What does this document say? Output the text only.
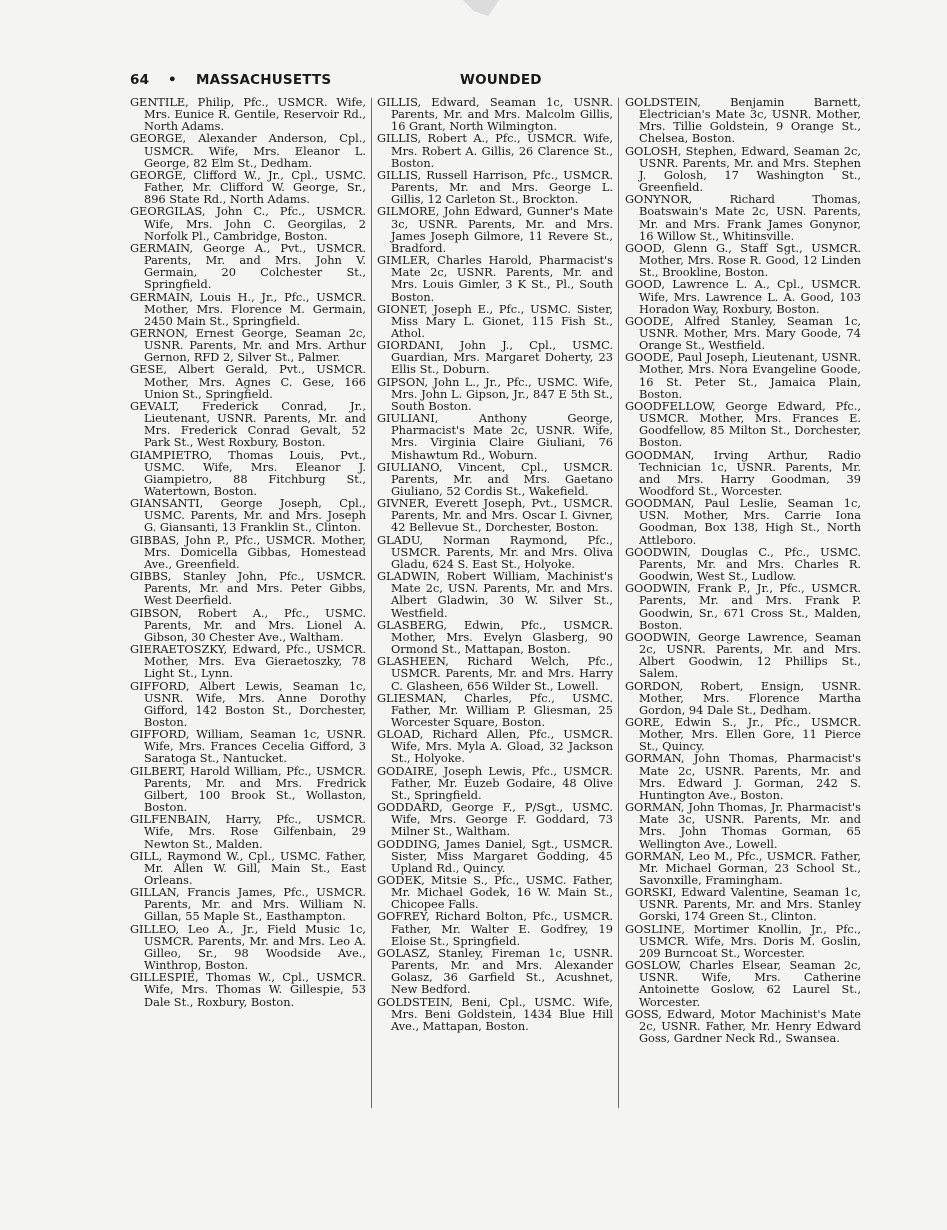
64 • MASSACHUSETTS	WOUNDED

GENTILE, Philip, Pfc., USMCR. Wife, Mrs. Eunice R. Gentile, Reservoir Rd., North Adams.

GEORGE, Alexander Anderson, Cpl., USMCR. Wife, Mrs. Eleanor L. George, 82 Elm St., Dedham.

GEORGE, Clifford W., Jr., Cpl., USMC. Father, Mr. Clifford W. George, Sr., 896 State Rd., North Adams.

GEORGILAS, John C., Pfc., USMCR. Wife, Mrs. John C. Georgilas, 2 Norfolk Pl., Cambridge, Boston.

GERMAIN, George A., Pvt., USMCR. Parents, Mr. and Mrs. John V. Germain, 20 Colchester St., Springfield.

GERMAIN, Louis H., Jr., Pfc., USMCR. Mother, Mrs. Florence M. Germain, 2450 Main St., Springfield.

GERNON, Ernest George, Seaman 2c, USNR. Parents, Mr. and Mrs. Arthur Gernon, RFD 2, Silver St., Palmer.

GESE, Albert Gerald, Pvt., USMCR. Mother, Mrs. Agnes C. Gese, 166 Union St., Springfield.

GEVALT, Frederick Conrad, Jr., Lieutenant, USNR. Parents, Mr. and Mrs. Frederick Conrad Gevalt, 52 Park St., West Roxbury, Boston.

GIAMPIETRO, Thomas Louis, Pvt., USMC. Wife, Mrs. Eleanor J. Giampietro, 88 Fitchburg St., Watertown, Boston.

GIANSANTI, George Joseph, Cpl., USMC. Parents, Mr. and Mrs. Joseph G. Giansanti, 13 Franklin St., Clinton.

GIBBAS, John P., Pfc., USMCR. Mother, Mrs. Domicella Gibbas, Homestead Ave., Greenfield.

GIBBS, Stanley John, Pfc., USMCR. Parents, Mr. and Mrs. Peter Gibbs, West Deerfield.

GIBSON, Robert A., Pfc., USMC. Parents, Mr. and Mrs. Lionel A. Gibson, 30 Chester Ave., Waltham.

GIERAETOSZKY, Edward, Pfc., USMCR. Mother, Mrs. Eva Gieraetoszky, 78 Light St., Lynn.

GIFFORD, Albert Lewis, Seaman 1c, USNR. Wife, Mrs. Anne Dorothy Gifford, 142 Boston St., Dorchester, Boston.

GIFFORD, William, Seaman 1c, USNR. Wife, Mrs. Frances Cecelia Gifford, 3 Saratoga St., Nantucket.

GILBERT, Harold William, Pfc., USMCR. Parents, Mr. and Mrs. Fredrick Gilbert, 100 Brook St., Wollaston, Boston.

GILFENBAIN, Harry, Pfc., USMCR. Wife, Mrs. Rose Gilfenbain, 29 Newton St., Malden.

GILL, Raymond W., Cpl., USMC. Father, Mr. Allen W. Gill, Main St., East Orleans.

GILLAN, Francis James, Pfc., USMCR. Parents, Mr. and Mrs. William N. Gillan, 55 Maple St., Easthampton.

GILLEO, Leo A., Jr., Field Music 1c, USMCR. Parents, Mr. and Mrs. Leo A. Gilleo, Sr., 98 Woodside Ave., Winthrop, Boston.

GILLESPIE, Thomas W., Cpl., USMCR. Wife, Mrs. Thomas W. Gillespie, 53 Dale St., Roxbury, Boston.

GILLIS, Edward, Seaman 1c, USNR. Parents, Mr. and Mrs. Malcolm Gillis, 16 Grant, North Wilmington.

GILLIS, Robert A., Pfc., USMCR. Wife, Mrs. Robert A. Gillis, 26 Clarence St., Boston.

GILLIS, Russell Harrison, Pfc., USMCR. Parents, Mr. and Mrs. George L. Gillis, 12 Carleton St., Brockton.

GILMORE, John Edward, Gunner's Mate 3c, USNR. Parents, Mr. and Mrs. James Joseph Gilmore, 11 Revere St., Bradford.

GIMLER, Charles Harold, Pharmacist's Mate 2c, USNR. Parents, Mr. and Mrs. Louis Gimler, 3 K St., Pl., South Boston.

GIONET, Joseph E., Pfc., USMC. Sister, Miss Mary L. Gionet, 115 Fish St., Athol.

GIORDANI, John J., Cpl., USMC. Guardian, Mrs. Margaret Doherty, 23 Ellis St., Doburn.

GIPSON, John L., Jr., Pfc., USMC. Wife, Mrs. John L. Gipson, Jr., 847 E 5th St., South Boston.

GIULIANI, Anthony George, Pharmacist's Mate 2c, USNR. Wife, Mrs. Virginia Claire Giuliani, 76 Mishawtum Rd., Woburn.

GIULIANO, Vincent, Cpl., USMCR. Parents, Mr. and Mrs. Gaetano Giuliano, 52 Cordis St., Wakefield.

GIVNER, Everett Joseph, Pvt., USMCR. Parents, Mr. and Mrs. Oscar I. Givner, 42 Bellevue St., Dorchester, Boston.

GLADU, Norman Raymond, Pfc., USMCR. Parents, Mr. and Mrs. Oliva Gladu, 624 S. East St., Holyoke.

GLADWIN, Robert William, Machinist's Mate 2c, USN. Parents, Mr. and Mrs. Albert Gladwin, 30 W. Silver St., Westfield.

GLASBERG, Edwin, Pfc., USMCR. Mother, Mrs. Evelyn Glasberg, 90 Ormond St., Mattapan, Boston.

GLASHEEN, Richard Welch, Pfc., USMCR. Parents, Mr. and Mrs. Harry C. Glasheen, 656 Wilder St., Lowell.

GLIESMAN, Charles, Pfc., USMC. Father, Mr. William P. Gliesman, 25 Worcester Square, Boston.

GLOAD, Richard Allen, Pfc., USMCR. Wife, Mrs. Myla A. Gload, 32 Jackson St., Holyoke.

GODAIRE, Joseph Lewis, Pfc., USMCR. Father, Mr. Euzeb Godaire, 48 Olive St., Springfield.

GODDARD, George F., P/Sgt., USMC. Wife, Mrs. George F. Goddard, 73 Milner St., Waltham.

GODDING, James Daniel, Sgt., USMCR. Sister, Miss Margaret Godding, 45 Upland Rd., Quincy.

GODEK, Mitsie S., Pfc., USMC. Father, Mr. Michael Godek, 16 W. Main St., Chicopee Falls.

GOFREY, Richard Bolton, Pfc., USMCR. Father, Mr. Walter E. Godfrey, 19 Eloise St., Springfield.

GOLASZ, Stanley, Fireman 1c, USNR. Parents, Mr. and Mrs. Alexander Golasz, 36 Garfield St., Acushnet, New Bedford.

GOLDSTEIN, Beni, Cpl., USMC. Wife, Mrs. Beni Goldstein, 1434 Blue Hill Ave., Mattapan, Boston.

GOLDSTEIN, Benjamin Barnett, Electrician's Mate 3c, USNR. Mother, Mrs. Tillie Goldstein, 9 Orange St., Chelsea, Boston.

GOLOSH, Stephen, Edward, Seaman 2c, USNR. Parents, Mr. and Mrs. Stephen J. Golosh, 17 Washington St., Greenfield.

GONYNOR, Richard Thomas, Boatswain's Mate 2c, USN. Parents, Mr. and Mrs. Frank James Gonynor, 16 Willow St., Whitinsville.

GOOD, Glenn G., Staff Sgt., USMCR. Mother, Mrs. Rose R. Good, 12 Linden St., Brookline, Boston.

GOOD, Lawrence L. A., Cpl., USMCR. Wife, Mrs. Lawrence L. A. Good, 103 Horadon Way, Roxbury, Boston.

GOODE, Alfred Stanley, Seaman 1c, USNR. Mother, Mrs. Mary Goode, 74 Orange St., Westfield.

GOODE, Paul Joseph, Lieutenant, USNR. Mother, Mrs. Nora Evangeline Goode, 16 St. Peter St., Jamaica Plain, Boston.

GOODFELLOW, George Edward, Pfc., USMCR. Mother, Mrs. Frances E. Goodfellow, 85 Milton St., Dorchester, Boston.

GOODMAN, Irving Arthur, Radio Technician 1c, USNR. Parents, Mr. and Mrs. Harry Goodman, 39 Woodford St., Worcester.

GOODMAN, Paul Leslie, Seaman 1c, USN. Mother, Mrs. Carrie Iona Goodman, Box 138, High St., North Attleboro.

GOODWIN, Douglas C., Pfc., USMC. Parents, Mr. and Mrs. Charles R. Goodwin, West St., Ludlow.

GOODWIN, Frank P., Jr., Pfc., USMCR. Parents, Mr. and Mrs. Frank P. Goodwin, Sr., 671 Cross St., Malden, Boston.

GOODWIN, George Lawrence, Seaman 2c, USNR. Parents, Mr. and Mrs. Albert Goodwin, 12 Phillips St., Salem.

GORDON, Robert, Ensign, USNR. Mother, Mrs. Florence Martha Gordon, 94 Dale St., Dedham.

GORE, Edwin S., Jr., Pfc., USMCR. Mother, Mrs. Ellen Gore, 11 Pierce St., Quincy.

GORMAN, John Thomas, Pharmacist's Mate 2c, USNR. Parents, Mr. and Mrs. Edward J. Gorman, 242 S. Huntington Ave., Boston.

GORMAN, John Thomas, Jr. Pharmacist's Mate 3c, USNR. Parents, Mr. and Mrs. John Thomas Gorman, 65 Wellington Ave., Lowell.

GORMAN, Leo M., Pfc., USMCR. Father, Mr. Michael Gorman, 23 School St., Savonxille, Framingham.

GORSKI, Edward Valentine, Seaman 1c, USNR. Parents, Mr. and Mrs. Stanley Gorski, 174 Green St., Clinton.

GOSLINE, Mortimer Knollin, Jr., Pfc., USMCR. Wife, Mrs. Doris M. Goslin, 209 Burncoat St., Worcester.

GOSLOW, Charles Elsear, Seaman 2c, USNR. Wife, Mrs. Catherine Antoinette Goslow, 62 Laurel St., Worcester.

GOSS, Edward, Motor Machinist's Mate 2c, USNR. Father, Mr. Henry Edward Goss, Gardner Neck Rd., Swansea.
